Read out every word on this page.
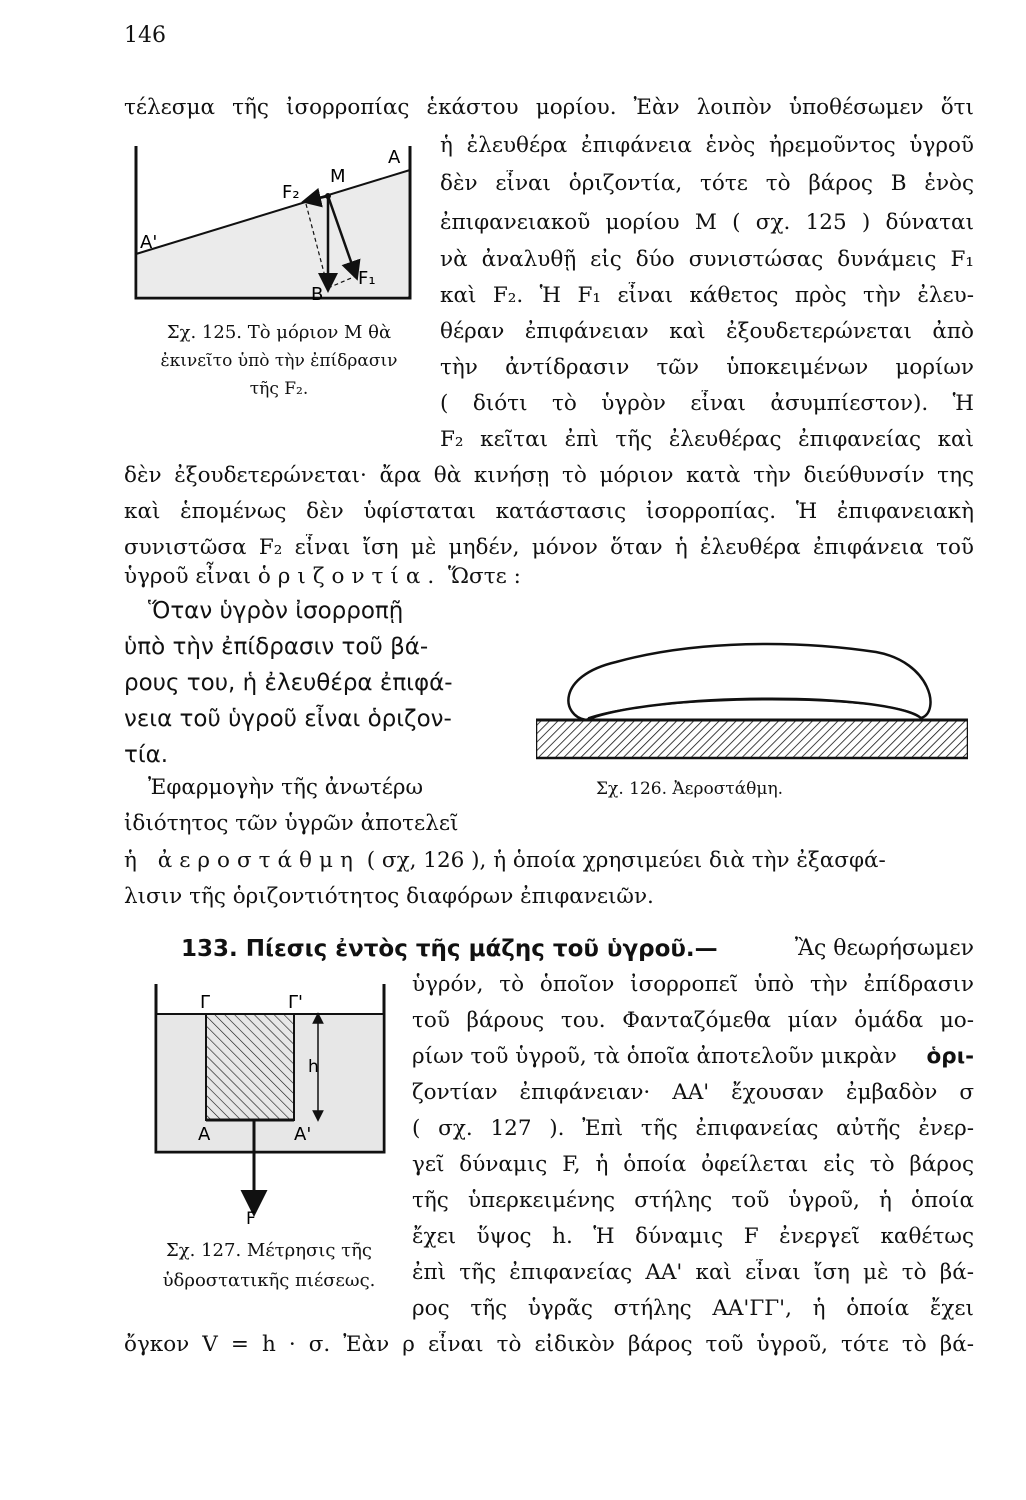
146
τέλεσμα τῆς ἰσορροπίας ἑκάστου μορίου. Ἐὰν λοιπὸν ὑποθέσωμεν ὅτι
ἡ ἐλευθέρα ἐπιφάνεια ἑνὸς ἠρεμοῦντος ὑγροῦ
δὲν εἶναι ὁριζοντία, τότε τὸ βάρος Β ἑνὸς
ἐπιφανειακοῦ μορίου Μ ( σχ. 125 ) δύναται
νὰ ἀναλυθῇ εἰς δύο συνιστώσας δυνάμεις F₁
καὶ F₂. Ἡ F₁ εἶναι κάθετος πρὸς τὴν ἐλευ-
θέραν ἐπιφάνειαν καὶ ἐξουδετερώνεται ἀπὸ
τὴν ἀντίδρασιν τῶν ὑποκειμένων μορίων
( διότι τὸ ὑγρὸν εἶναι ἀσυμπίεστον). Ἡ
F₂ κεῖται ἐπὶ τῆς ἐλευθέρας ἐπιφανείας καὶ
δὲν ἐξουδετερώνεται· ἄρα θὰ κινήσῃ τὸ μόριον κατὰ τὴν διεύθυνσίν της
καὶ ἑπομένως δὲν ὑφίσταται κατάστασις ἰσορροπίας. Ἡ ἐπιφανειακὴ
συνιστῶσα F₂ εἶναι ἴση μὲ μηδέν, μόνον ὅταν ἡ ἐλευθέρα ἐπιφάνεια τοῦ
ὑγροῦ εἶναι ὁριζοντία. Ὥστε :
A
A'
M
F₂
F₁
B
Σχ. 125. Τὸ μόριον Μ θὰ
ἐκινεῖτο ὑπὸ τὴν ἐπίδρασιν
τῆς F₂.
Ὅταν ὑγρὸν ἰσορροπῇ
ὑπὸ τὴν ἐπίδρασιν τοῦ βά-
ρους του, ἡ ἐλευθέρα ἐπιφά-
νεια τοῦ ὑγροῦ εἶναι ὁριζον-
τία.
Σχ. 126. Ἀεροστάθμη.
Ἐφαρμογὴν τῆς ἀνωτέρω
ἰδιότητος τῶν ὑγρῶν ἀποτελεῖ
ἡ ἀεροστάθμη ( σχ, 126 ), ἡ ὁποία χρησιμεύει διὰ τὴν ἐξασφά-
λισιν τῆς ὁριζοντιότητος διαφόρων ἐπιφανειῶν.
133. Πίεσις ἐντὸς τῆς μάζης τοῦ ὑγροῦ.—	Ἂς θεωρήσωμεν
ὑγρόν, τὸ ὁποῖον ἰσορροπεῖ ὑπὸ τὴν ἐπίδρασιν
τοῦ βάρους του. Φανταζόμεθα μίαν ὁμάδα μο-
ρίων τοῦ ὑγροῦ, τὰ ὁποῖα ἀποτελοῦν μικρὰν ὁρι-
ζοντίαν ἐπιφάνειαν· ΑΑ' ἔχουσαν ἐμβαδὸν σ
( σχ. 127 ). Ἐπὶ τῆς ἐπιφανείας αὐτῆς ἐνερ-
γεῖ δύναμις F, ἡ ὁποία ὀφείλεται εἰς τὸ βάρος
τῆς ὑπερκειμένης στήλης τοῦ ὑγροῦ, ἡ ὁποία
ἔχει ὕψος h. Ἡ δύναμις F ἐνεργεῖ καθέτως
ἐπὶ τῆς ἐπιφανείας ΑΑ' καὶ εἶναι ἴση μὲ τὸ βά-
ρος τῆς ὑγρᾶς στήλης ΑΑ'ΓΓ', ἡ ὁποία ἔχει
ὄγκον V = h · σ. Ἐὰν ρ εἶναι τὸ εἰδικὸν βάρος τοῦ ὑγροῦ, τότε τὸ βά-
Γ	Γ'
h
A	A'
F
Σχ. 127. Μέτρησις τῆς
ὑδροστατικῆς πιέσεως.
